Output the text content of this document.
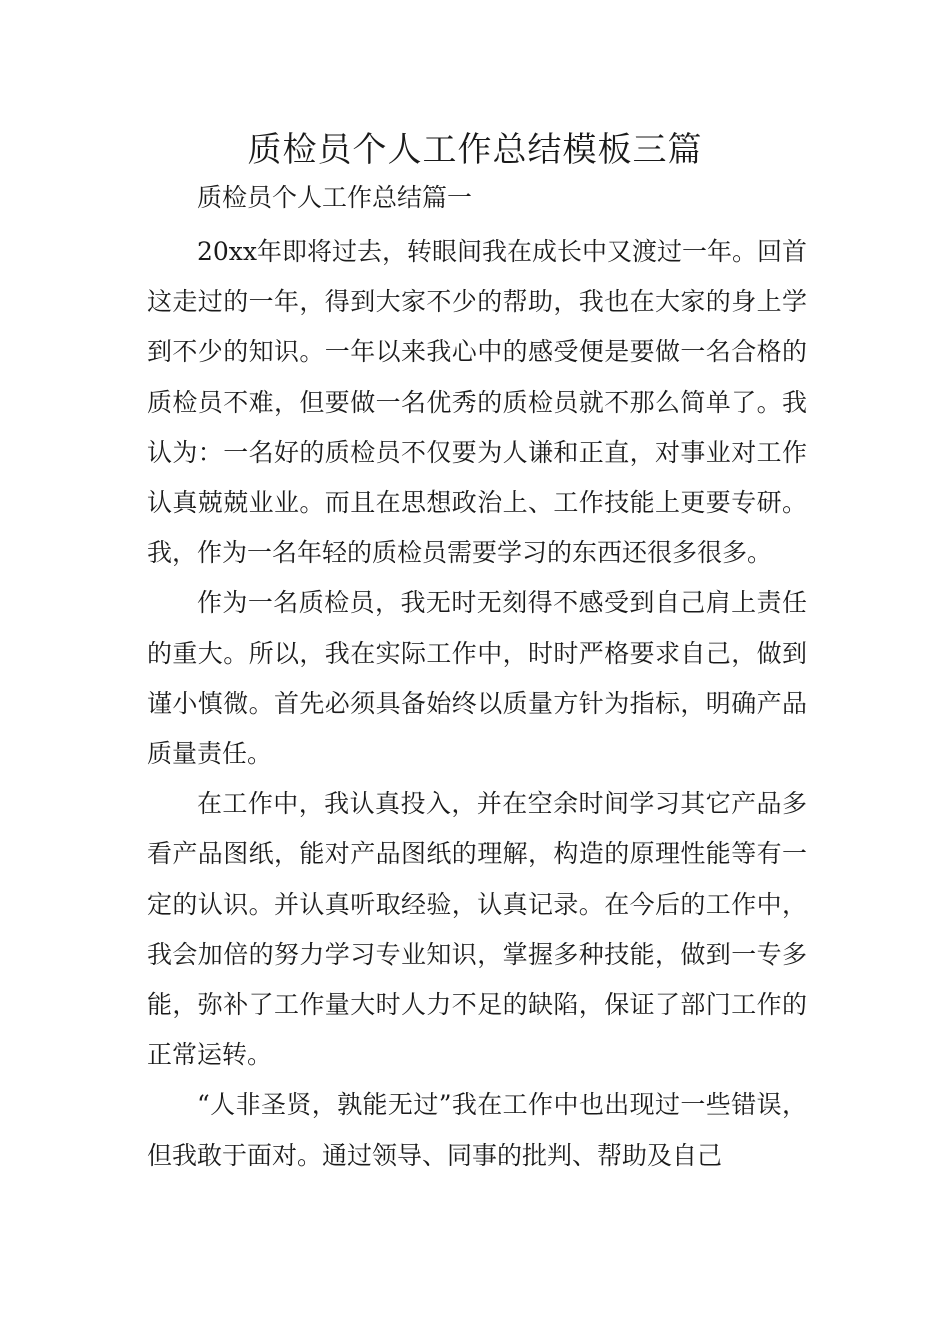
质检员个人工作总结模板三篇

质检员个人工作总结篇一

20xx年即将过去，转眼间我在成长中又渡过一年。回首这走过的一年，得到大家不少的帮助，我也在大家的身上学到不少的知识。一年以来我心中的感受便是要做一名合格的质检员不难，但要做一名优秀的质检员就不那么简单了。我认为：一名好的质检员不仅要为人谦和正直，对事业对工作认真兢兢业业。而且在思想政治上、工作技能上更要专研。我，作为一名年轻的质检员需要学习的东西还很多很多。

作为一名质检员，我无时无刻得不感受到自己肩上责任的重大。所以，我在实际工作中，时时严格要求自己，做到谨小慎微。首先必须具备始终以质量方针为指标，明确产品质量责任。

在工作中，我认真投入，并在空余时间学习其它产品多看产品图纸，能对产品图纸的理解，构造的原理性能等有一定的认识。并认真听取经验，认真记录。在今后的工作中，我会加倍的努力学习专业知识，掌握多种技能，做到一专多能，弥补了工作量大时人力不足的缺陷，保证了部门工作的正常运转。

“人非圣贤，孰能无过”我在工作中也出现过一些错误，但我敢于面对。通过领导、同事的批判、帮助及自己
